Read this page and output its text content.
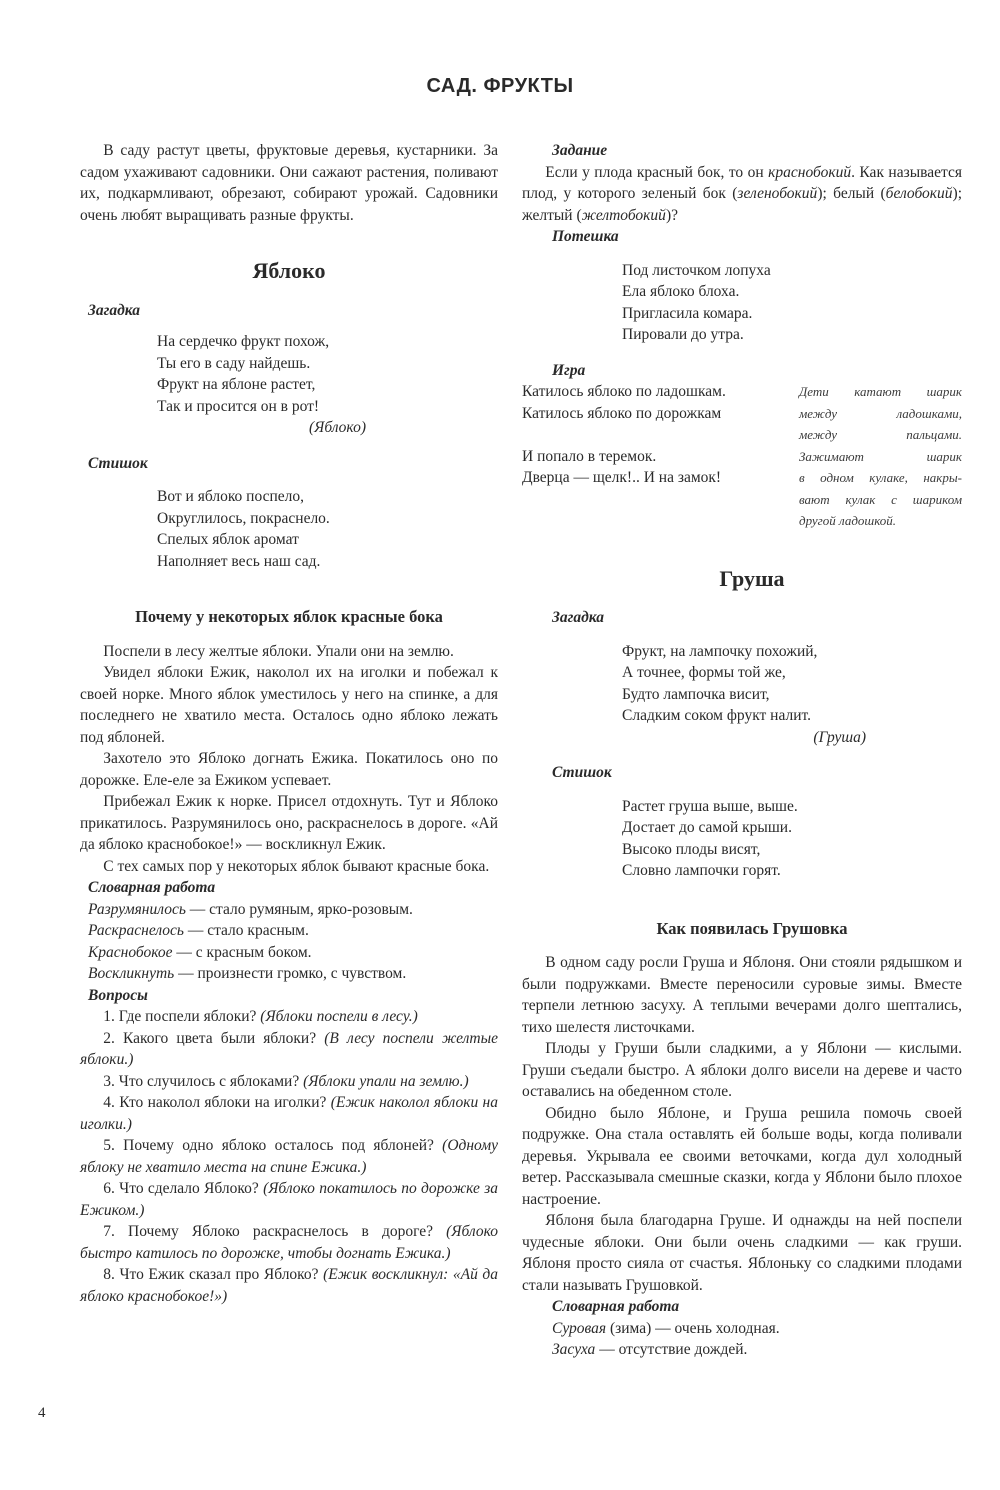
САД. ФРУКТЫ

В саду растут цветы, фруктовые деревья, кустарники. За садом ухаживают садовники. Они сажают растения, поливают их, подкармливают, обрезают, собирают урожай. Садовники очень любят выращивать разные фрукты.

Яблоко
Загадка
На сердечко фрукт похож,
Ты его в саду найдешь.
Фрукт на яблоне растет,
Так и просится он в рот!
(Яблоко)
Стишок
Вот и яблоко поспело,
Округлилось, покраснело.
Спелых яблок аромат
Наполняет весь наш сад.
Почему у некоторых яблок красные бока

Поспели в лесу желтые яблоки. Упали они на землю.

Увидел яблоки Ежик, наколол их на иголки и побежал к своей норке. Много яблок уместилось у него на спинке, а для последнего не хватило места. Осталось одно яблоко лежать под яблоней.

Захотело это Яблоко догнать Ежика. Покатилось оно по дорожке. Еле-еле за Ежиком успевает.

Прибежал Ежик к норке. Присел отдохнуть. Тут и Яблоко прикатилось. Разрумянилось оно, раскраснелось в дороге. «Ай да яблоко краснобокое!» — воскликнул Ежик.

С тех самых пор у некоторых яблок бывают красные бока.

Словарная работа
Разрумянилось — стало румяным, ярко-розовым.
Раскраснелось — стало красным.
Краснобокое — с красным боком.
Воскликнуть — произнести громко, с чувством.
Вопросы

1. Где поспели яблоки? (Яблоки поспели в лесу.)

2. Какого цвета были яблоки? (В лесу поспели желтые яблоки.)

3. Что случилось с яблоками? (Яблоки упали на землю.)

4. Кто наколол яблоки на иголки? (Ежик наколол яблоки на иголки.)

5. Почему одно яблоко осталось под яблоней? (Одному яблоку не хватило места на спине Ежика.)

6. Что сделало Яблоко? (Яблоко покатилось по дорожке за Ежиком.)

7. Почему Яблоко раскраснелось в дороге? (Яблоко быстро катилось по дорожке, чтобы догнать Ежика.)

8. Что Ежик сказал про Яблоко? (Ежик воскликнул: «Ай да яблоко краснобокое!»)

Задание

Если у плода красный бок, то он краснобокий. Как называется плод, у которого зеленый бок (зеленобокий); белый (белобокий); желтый (желтобокий)?

Потешка
Под листочком лопуха
Ела яблоко блоха.
Пригласила комара.
Пировали до утра.
Игра
Катилось яблоко по ладошкам.
Катилось яблоко по дорожкам
И попало в теремок.
Дверца — щелк!.. И на замок!
Дети катают шарик
между ладошками,
между пальцами.
Зажимают шарик
в одном кулаке, накры-
вают кулак с шариком
другой ладошкой.
Груша
Загадка
Фрукт, на лампочку похожий,
А точнее, формы той же,
Будто лампочка висит,
Сладким соком фрукт налит.
(Груша)
Стишок
Растет груша выше, выше.
Достает до самой крыши.
Высоко плоды висят,
Словно лампочки горят.
Как появилась Грушовка

В одном саду росли Груша и Яблоня. Они стояли рядышком и были подружками. Вместе переносили суровые зимы. Вместе терпели летнюю засуху. А теплыми вечерами долго шептались, тихо шелестя листочками.

Плоды у Груши были сладкими, а у Яблони — кислыми. Груши съедали быстро. А яблоки долго висели на дереве и часто оставались на обеденном столе.

Обидно было Яблоне, и Груша решила помочь своей подружке. Она стала оставлять ей больше воды, когда поливали деревья. Укрывала ее своими веточками, когда дул холодный ветер. Рассказывала смешные сказки, когда у Яблони было плохое настроение.

Яблоня была благодарна Груше. И однажды на ней поспели чудесные яблоки. Они были очень сладкими — как груши. Яблоня просто сияла от счастья. Яблоньку со сладкими плодами стали называть Грушовкой.

Словарная работа
Суровая (зима) — очень холодная.
Засуха — отсутствие дождей.
4
